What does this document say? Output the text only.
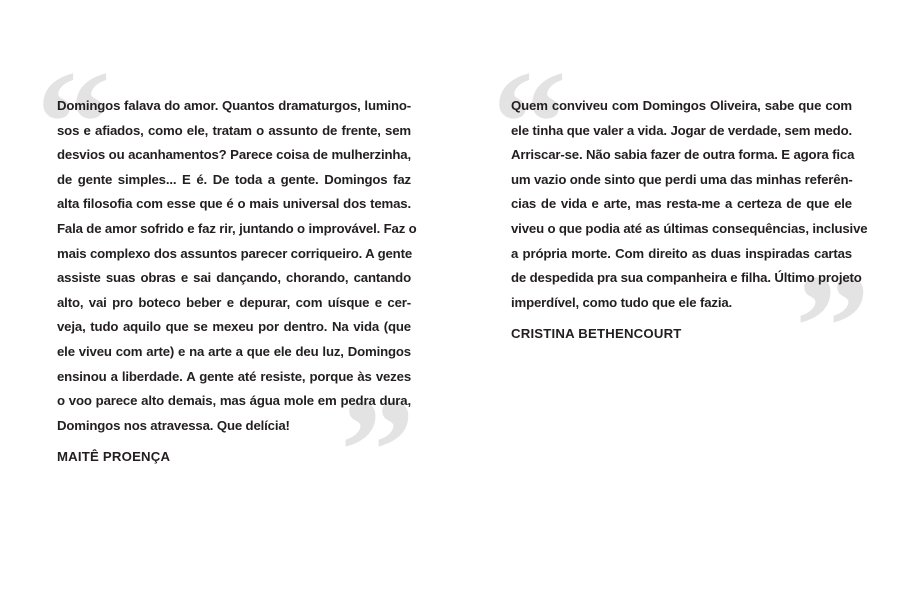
“
”
“
”

Domingos falava do amor. Quantos dramaturgos, lumino-
sos e afiados, como ele, tratam o assunto de frente, sem
desvios ou acanhamentos? Parece coisa de mulherzinha,
de gente simples... E é. De toda a gente. Domingos faz
alta filosofia com esse que é o mais universal dos temas.
Fala de amor sofrido e faz rir, juntando o improvável. Faz o
mais complexo dos assuntos parecer corriqueiro. A gente
assiste suas obras e sai dançando, chorando, cantando
alto, vai pro boteco beber e depurar, com uísque e cer-
veja, tudo aquilo que se mexeu por dentro. Na vida (que
ele viveu com arte) e na arte a que ele deu luz, Domingos
ensinou a liberdade. A gente até resiste, porque às vezes
o voo parece alto demais, mas água mole em pedra dura,
Domingos nos atravessa. Que delícia!

MAITÊ PROENÇA

Quem conviveu com Domingos Oliveira, sabe que com
ele tinha que valer a vida. Jogar de verdade, sem medo.
Arriscar-se. Não sabia fazer de outra forma. E agora fica
um vazio onde sinto que perdi uma das minhas referên-
cias de vida e arte, mas resta-me a certeza de que ele
viveu o que podia até as últimas consequências, inclusive
a própria morte. Com direito as duas inspiradas cartas
de despedida pra sua companheira e filha. Último projeto
imperdível, como tudo que ele fazia.

CRISTINA BETHENCOURT
